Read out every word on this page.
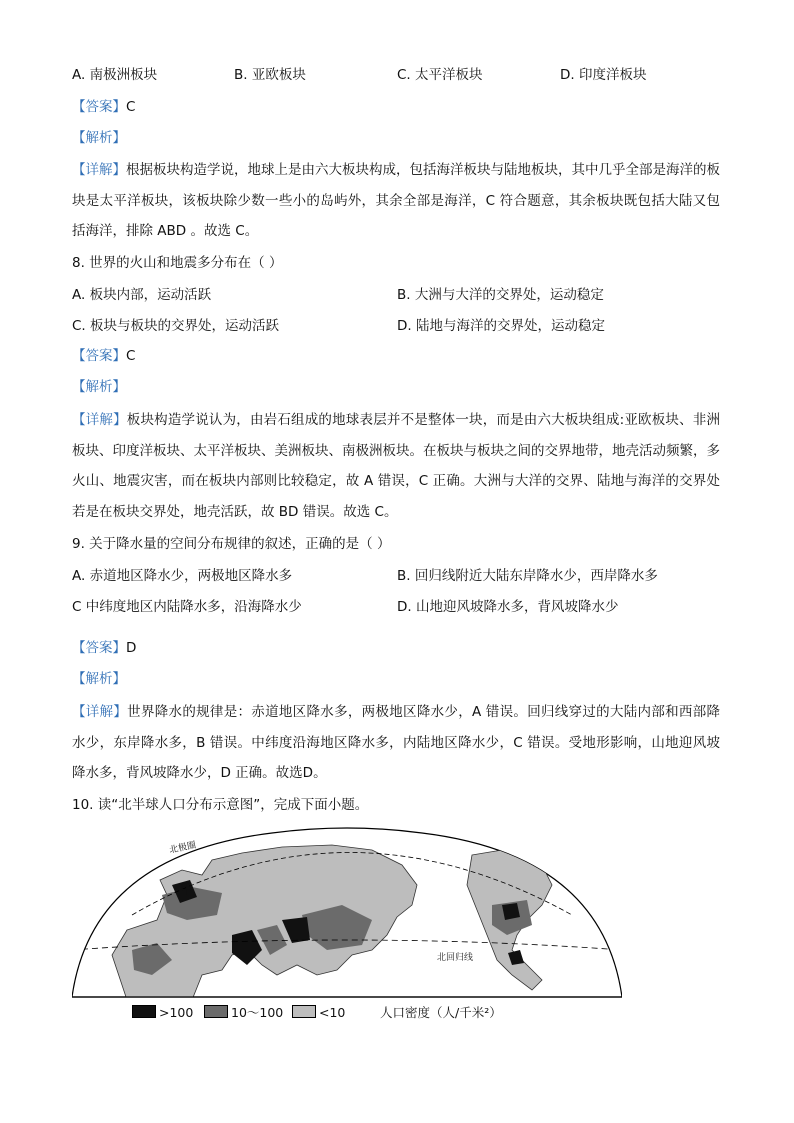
A. 南极洲板块	B. 亚欧板块	C. 太平洋板块	D. 印度洋板块
【答案】C
【解析】
【详解】根据板块构造学说，地球上是由六大板块构成，包括海洋板块与陆地板块，其中几乎全部是海洋的板块是太平洋板块，该板块除少数一些小的岛屿外，其余全部是海洋，C 符合题意，其余板块既包括大陆又包括海洋，排除 ABD 。故选 C。
8. 世界的火山和地震多分布在（ ）
A. 板块内部，运动活跃	B. 大洲与大洋的交界处，运动稳定
C. 板块与板块的交界处，运动活跃	D. 陆地与海洋的交界处，运动稳定
【答案】C
【解析】
【详解】板块构造学说认为，由岩石组成的地球表层并不是整体一块，而是由六大板块组成:亚欧板块、非洲板块、印度洋板块、太平洋板块、美洲板块、南极洲板块。在板块与板块之间的交界地带，地壳活动频繁，多火山、地震灾害，而在板块内部则比较稳定，故 A 错误，C 正确。大洲与大洋的交界、陆地与海洋的交界处若是在板块交界处，地壳活跃，故 BD 错误。故选 C。
9. 关于降水量的空间分布规律的叙述，正确的是（ ）
A. 赤道地区降水少，两极地区降水多	B. 回归线附近大陆东岸降水少，西岸降水多
C 中纬度地区内陆降水多，沿海降水少	D. 山地迎风坡降水多，背风坡降水少
【答案】D
【解析】
【详解】世界降水的规律是：赤道地区降水多，两极地区降水少，A 错误。回归线穿过的大陆内部和西部降水少，东岸降水多，B 错误。中纬度沿海地区降水多，内陆地区降水少，C 错误。受地形影响，山地迎风坡降水多，背风坡降水少，D 正确。故选D。
10. 读“北半球人口分布示意图”，完成下面小题。
北极圈
北回归线
甲
>100	10～100	<10	人口密度（人/千米²）
